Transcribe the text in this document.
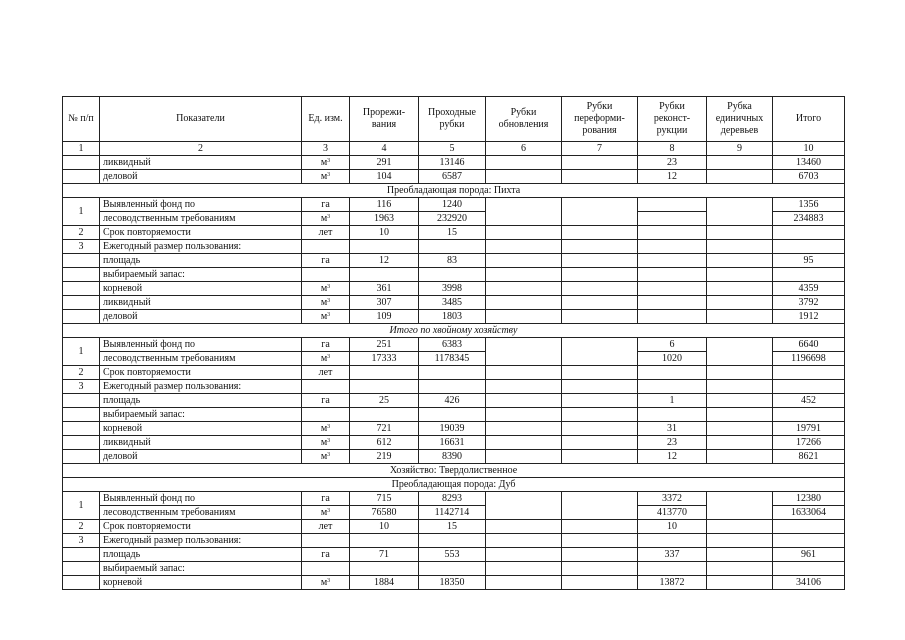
№ п/п	Показатели	Ед. изм.	Прорежи-вания	Проходные рубки	Рубки обновления	Рубки переформи-рования	Рубки реконст-рукции	Рубка единичных деревьев	Итого
1	2	3	4	5	6	7	8	9	10
	ликвидный	$м^3$	291	13146			23		13460
	деловой	$м^3$	104	6587			12		6703
Преобладающая порода: Пихта									
1	Выявленный фонд по	га	116	1240					1356
	лесоводственным требованиям	$м^3$	1963	232920					234883
2	Срок повторяемости	лет	10	15					
3	Ежегодный размер пользования:								
	площадь	га	12	83					95
	выбираемый запас:								
	корневой	$м^3$	361	3998					4359
	ликвидный	$м^3$	307	3485					3792
	деловой	$м^3$	109	1803					1912
Итого по хвойному хозяйству									
1	Выявленный фонд по	га	251	6383			6		6640
	лесоводственным требованиям	$м^3$	17333	1178345			1020		1196698
2	Срок повторяемости	лет							
3	Ежегодный размер пользования:								
	площадь	га	25	426			1		452
	выбираемый запас:								
	корневой	$м^3$	721	19039			31		19791
	ликвидный	$м^3$	612	16631			23		17266
	деловой	$м^3$	219	8390			12		8621
Хозяйство: Твердолиственное									
Преобладающая порода: Дуб									
1	Выявленный фонд по	га	715	8293			3372		12380
	лесоводственным требованиям	$м^3$	76580	1142714			413770		1633064
2	Срок повторяемости	лет	10	15			10		
3	Ежегодный размер пользования:								
	площадь	га	71	553			337		961
	выбираемый запас:								
	корневой	$м^3$	1884	18350			13872		34106
